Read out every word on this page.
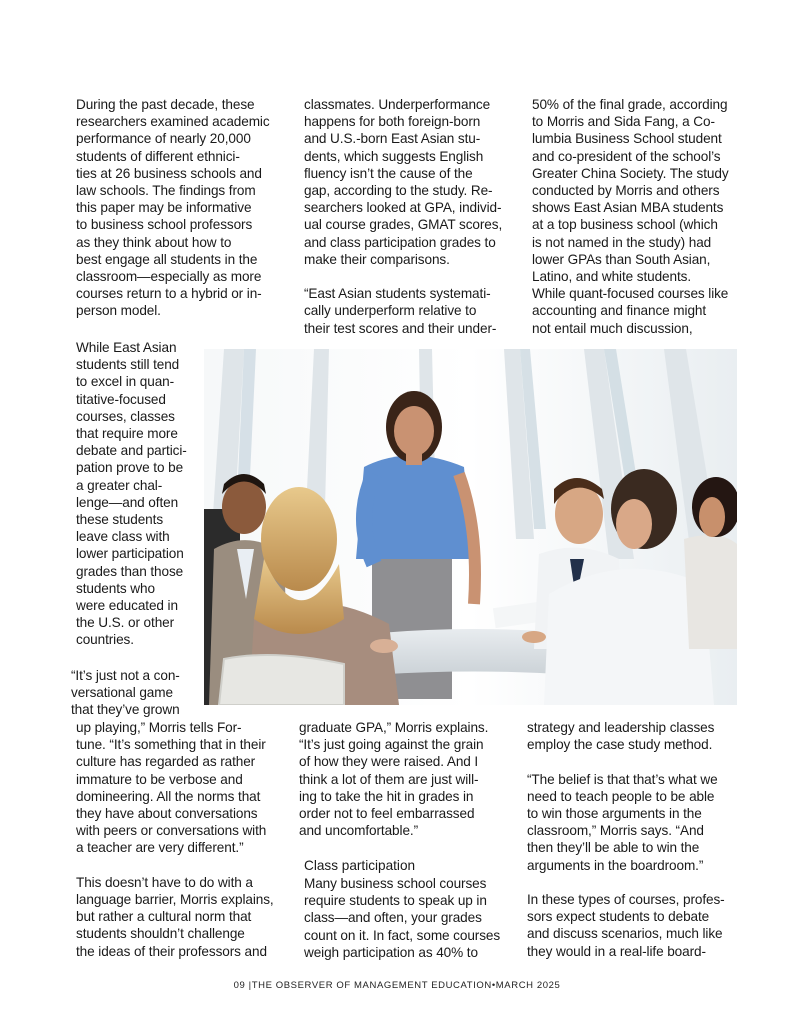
During the past decade, these
researchers examined academic
performance of nearly 20,000
students of different ethnici-
ties at 26 business schools and
law schools. The findings from
this paper may be informative
to business school professors
as they think about how to
best engage all students in the
classroom—especially as more
courses return to a hybrid or in-
person model.
While East Asian
students still tend
to excel in quan-
titative-focused
courses, classes
that require more
debate and partici-
pation prove to be
a greater chal-
lenge—and often
these students
leave class with
lower participation
grades than those
students who
were educated in
the U.S. or other
countries.
“It’s just not a con-
versational game
that they’ve grown
up playing,” Morris tells For-
tune. “It’s something that in their
culture has regarded as rather
immature to be verbose and
domineering. All the norms that
they have about conversations
with peers or conversations with
a teacher are very different.”

This doesn’t have to do with a
language barrier, Morris explains,
but rather a cultural norm that
students shouldn’t challenge
the ideas of their professors and
classmates. Underperformance
happens for both foreign-born
and U.S.-born East Asian stu-
dents, which suggests English
fluency isn’t the cause of the
gap, according to the study. Re-
searchers looked at GPA, individ-
ual course grades, GMAT scores,
and class participation grades to
make their comparisons.

“East Asian students systemati-
cally underperform relative to
their test scores and their under-
graduate GPA,” Morris explains.
“It’s just going against the grain
of how they were raised. And I
think a lot of them are just will-
ing to take the hit in grades in
order not to feel embarrassed
and uncomfortable.”
Class participation
Many business school courses
require students to speak up in
class—and often, your grades
count on it. In fact, some courses
weigh participation as 40% to
50% of the final grade, according
to Morris and Sida Fang, a Co-
lumbia Business School student
and co-president of the school’s
Greater China Society. The study
conducted by Morris and others
shows East Asian MBA students
at a top business school (which
is not named in the study) had
lower GPAs than South Asian,
Latino, and white students.
While quant-focused courses like
accounting and finance might
not entail much discussion,
strategy and leadership classes
employ the case study method.

“The belief is that that’s what we
need to teach people to be able
to win those arguments in the
classroom,” Morris says. “And
then they’ll be able to win the
arguments in the boardroom.”

In these types of courses, profes-
sors expect students to debate
and discuss scenarios, much like
they would in a real-life board-
09 |THE OBSERVER OF MANAGEMENT EDUCATION•MARCH 2025
